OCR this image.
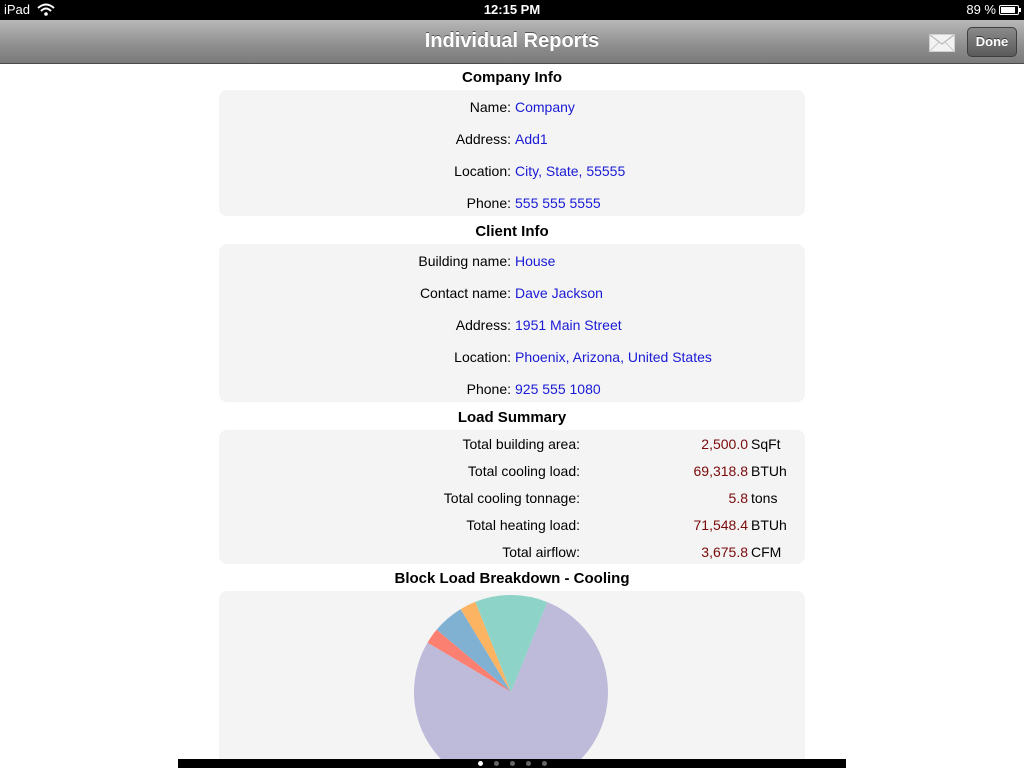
iPad	12:15 PM	89 %
Individual Reports	Done
Company Info
Name: Company
Address: Add1
Location: City, State, 55555
Phone: 555 555 5555
Client Info
Building name: House
Contact name: Dave Jackson
Address: 1951 Main Street
Location: Phoenix, Arizona, United States
Phone: 925 555 1080
Load Summary
Total building area:	2,500.0 SqFt
Total cooling load:	69,318.8 BTUh
Total cooling tonnage:	5.8 tons
Total heating load:	71,548.4 BTUh
Total airflow:	3,675.8 CFM
Block Load Breakdown - Cooling
